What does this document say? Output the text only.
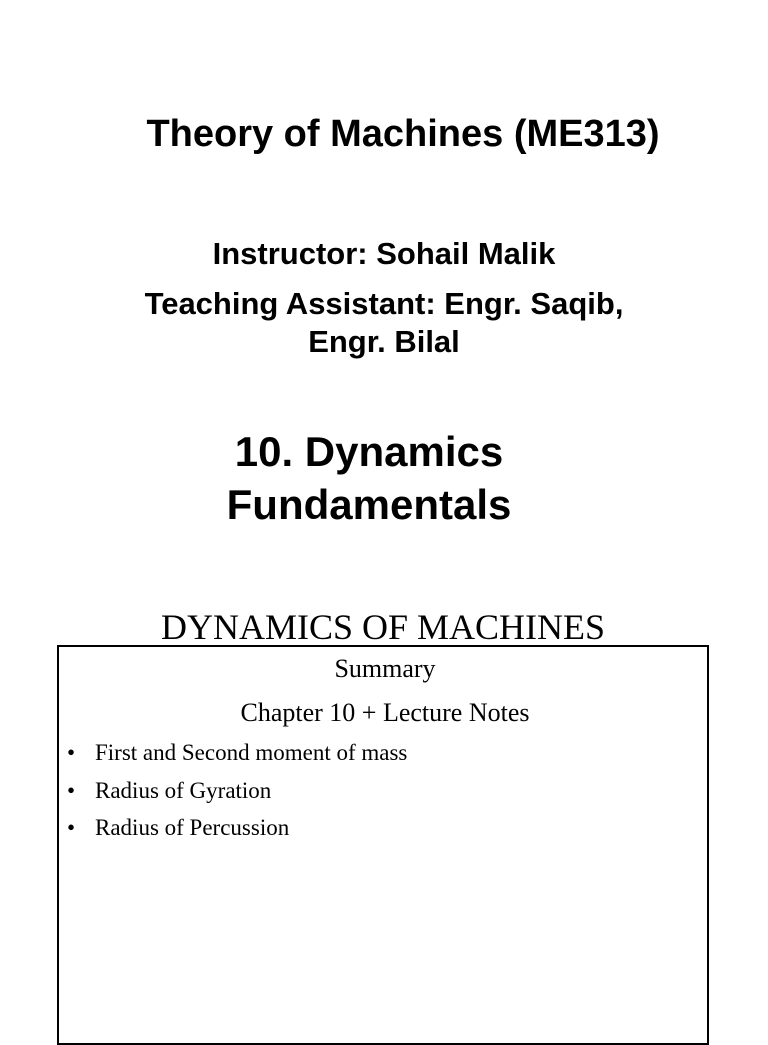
Theory of Machines (ME313)
Instructor: Sohail Malik
Teaching Assistant: Engr. Saqib,
Engr. Bilal
10. Dynamics
Fundamentals
DYNAMICS OF MACHINES
Summary
Chapter 10 + Lecture Notes
• First and Second moment of mass
• Radius of Gyration
• Radius of Percussion
